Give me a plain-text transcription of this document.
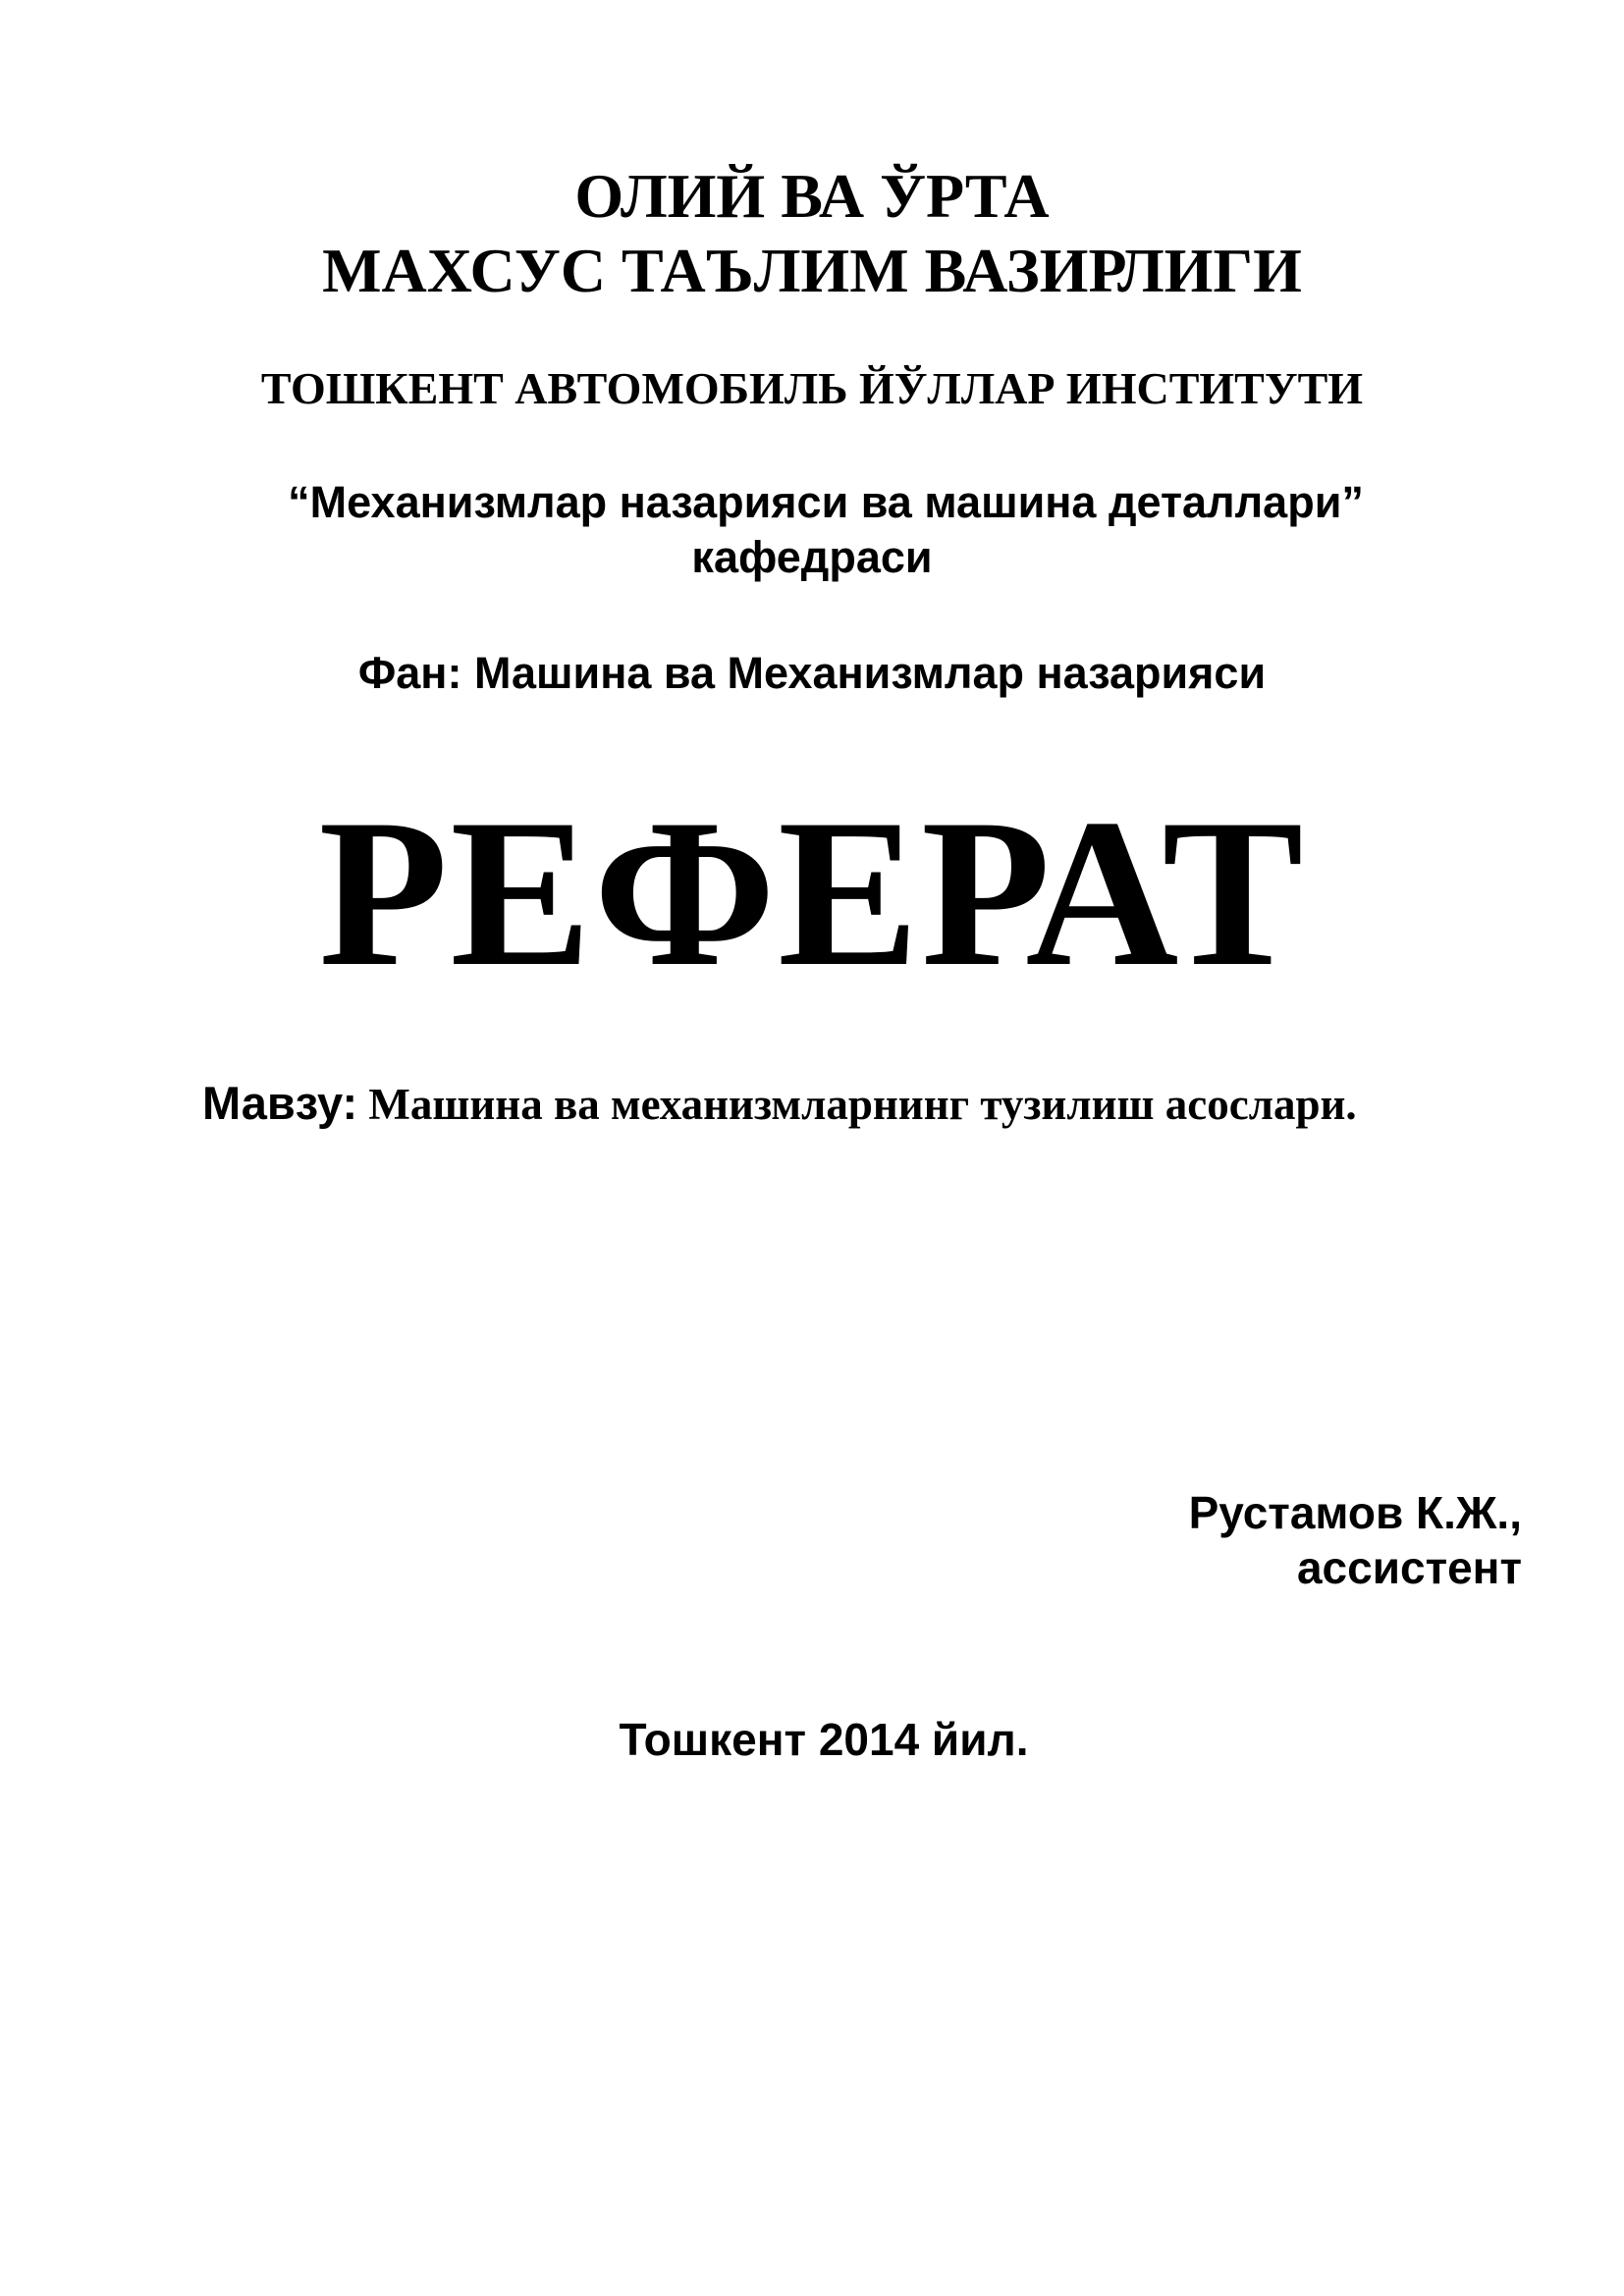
ОЛИЙ ВА ЎРТА
МАХСУС ТАЪЛИМ ВАЗИРЛИГИ
ТОШКЕНТ АВТОМОБИЛЬ ЙЎЛЛАР ИНСТИТУТИ
“Механизмлар назарияси ва машина деталлари”
кафедраси
Фан: Машина ва Механизмлар назарияси
РЕФЕРАТ
Мавзу: Машина ва механизмларнинг тузилиш асослари.
Рустамов К.Ж.,
ассистент
Тошкент 2014 йил.
